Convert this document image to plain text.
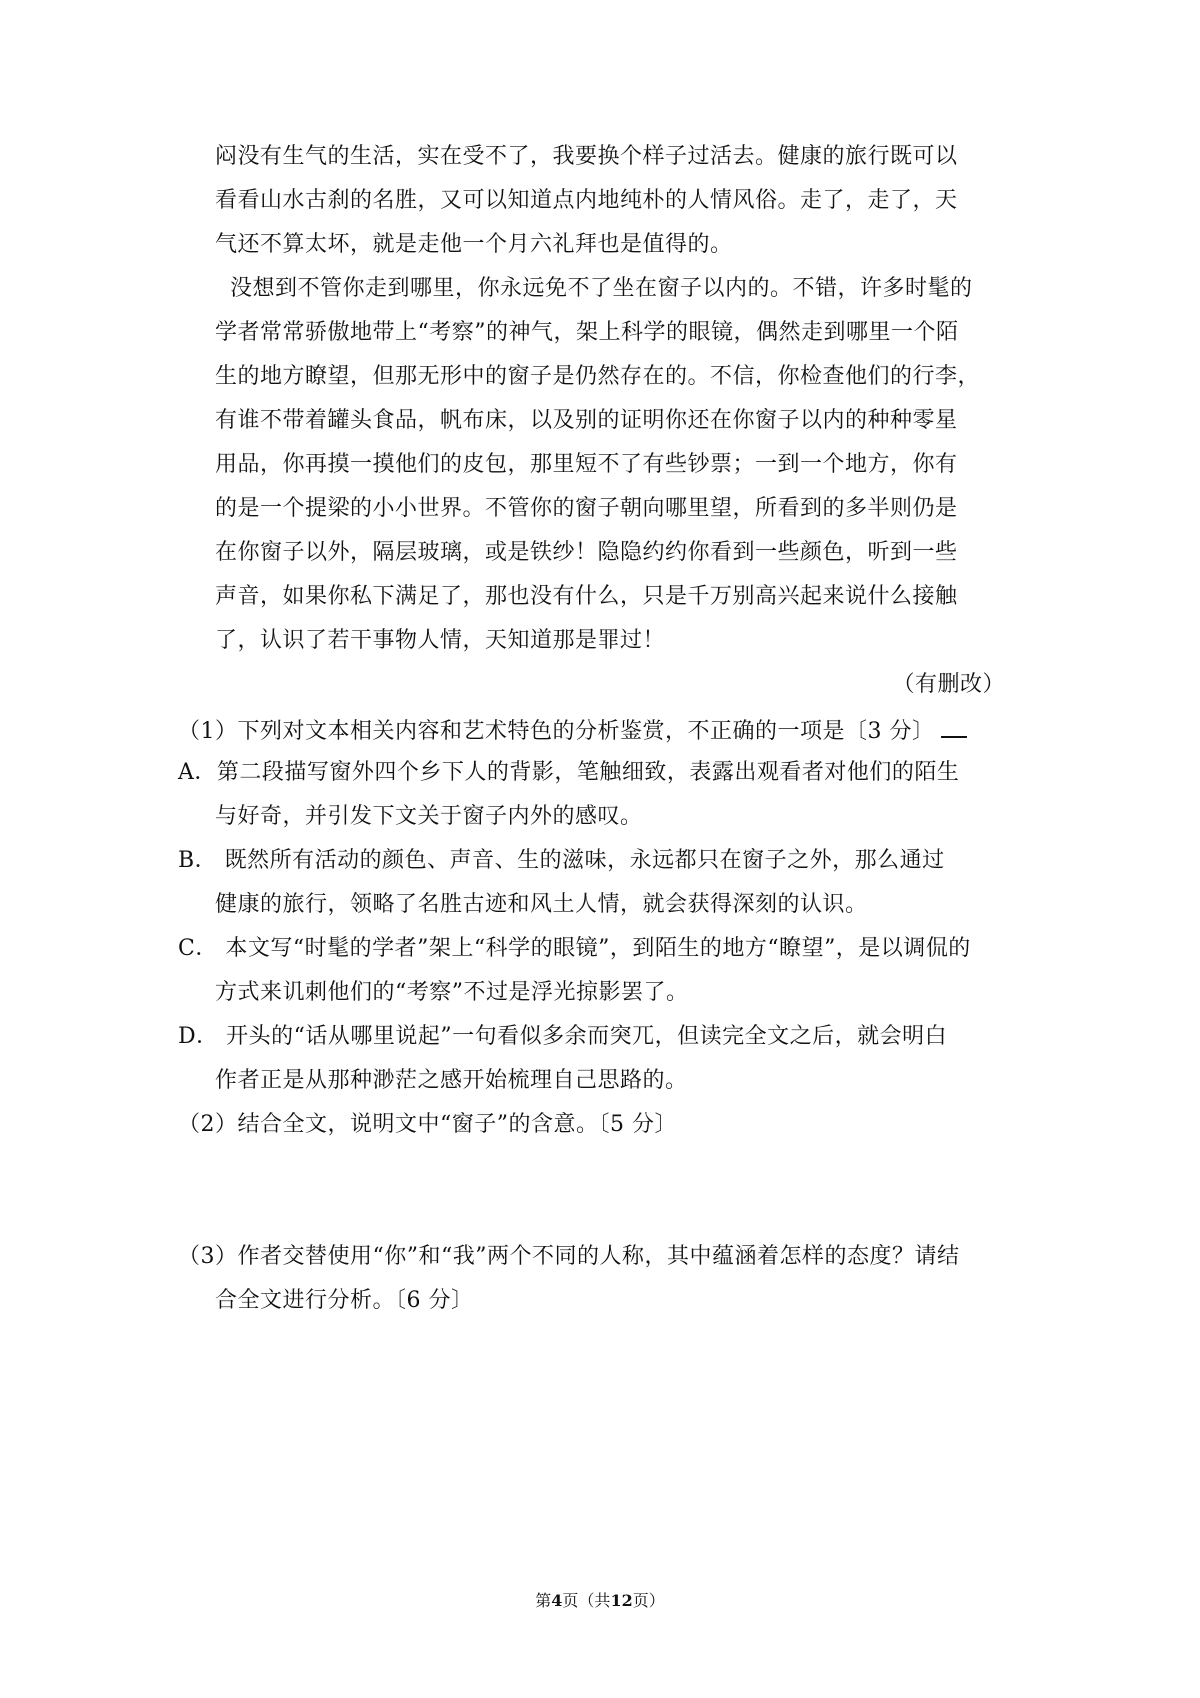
闷没有生气的生活，实在受不了，我要换个样子过活去。健康的旅行既可以
看看山水古刹的名胜，又可以知道点内地纯朴的人情风俗。走了，走了，天
气还不算太坏，就是走他一个月六礼拜也是值得的。
没想到不管你走到哪里，你永远免不了坐在窗子以内的。不错，许多时髦的
学者常常骄傲地带上“考察”的神气，架上科学的眼镜，偶然走到哪里一个陌
生的地方瞭望，但那无形中的窗子是仍然存在的。不信，你检查他们的行李，
有谁不带着罐头食品，帆布床，以及别的证明你还在你窗子以内的种种零星
用品，你再摸一摸他们的皮包，那里短不了有些钞票；一到一个地方，你有
的是一个提梁的小小世界。不管你的窗子朝向哪里望，所看到的多半则仍是
在你窗子以外，隔层玻璃，或是铁纱！隐隐约约你看到一些颜色，听到一些
声音，如果你私下满足了，那也没有什么，只是千万别高兴起来说什么接触
了，认识了若干事物人情，天知道那是罪过！
（有删改）
（1）下列对文本相关内容和艺术特色的分析鉴赏，不正确的一项是〔3 分〕
A．第二段描写窗外四个乡下人的背影，笔触细致，表露出观看者对他们的陌生
与好奇，并引发下文关于窗子内外的感叹。
B． 既然所有活动的颜色、声音、生的滋味，永远都只在窗子之外，那么通过
健康的旅行，领略了名胜古迹和风土人情，就会获得深刻的认识。
C． 本文写“时髦的学者”架上“科学的眼镜”，到陌生的地方“瞭望”，是以调侃的
方式来讥刺他们的“考察”不过是浮光掠影罢了。
D． 开头的“话从哪里说起”一句看似多余而突兀，但读完全文之后，就会明白
作者正是从那种渺茫之感开始梳理自己思路的。
（2）结合全文，说明文中“窗子”的含意。〔5 分〕
（3）作者交替使用“你”和“我”两个不同的人称，其中蕴涵着怎样的态度？请结
合全文进行分析。〔6 分〕
第4页（共12页）
